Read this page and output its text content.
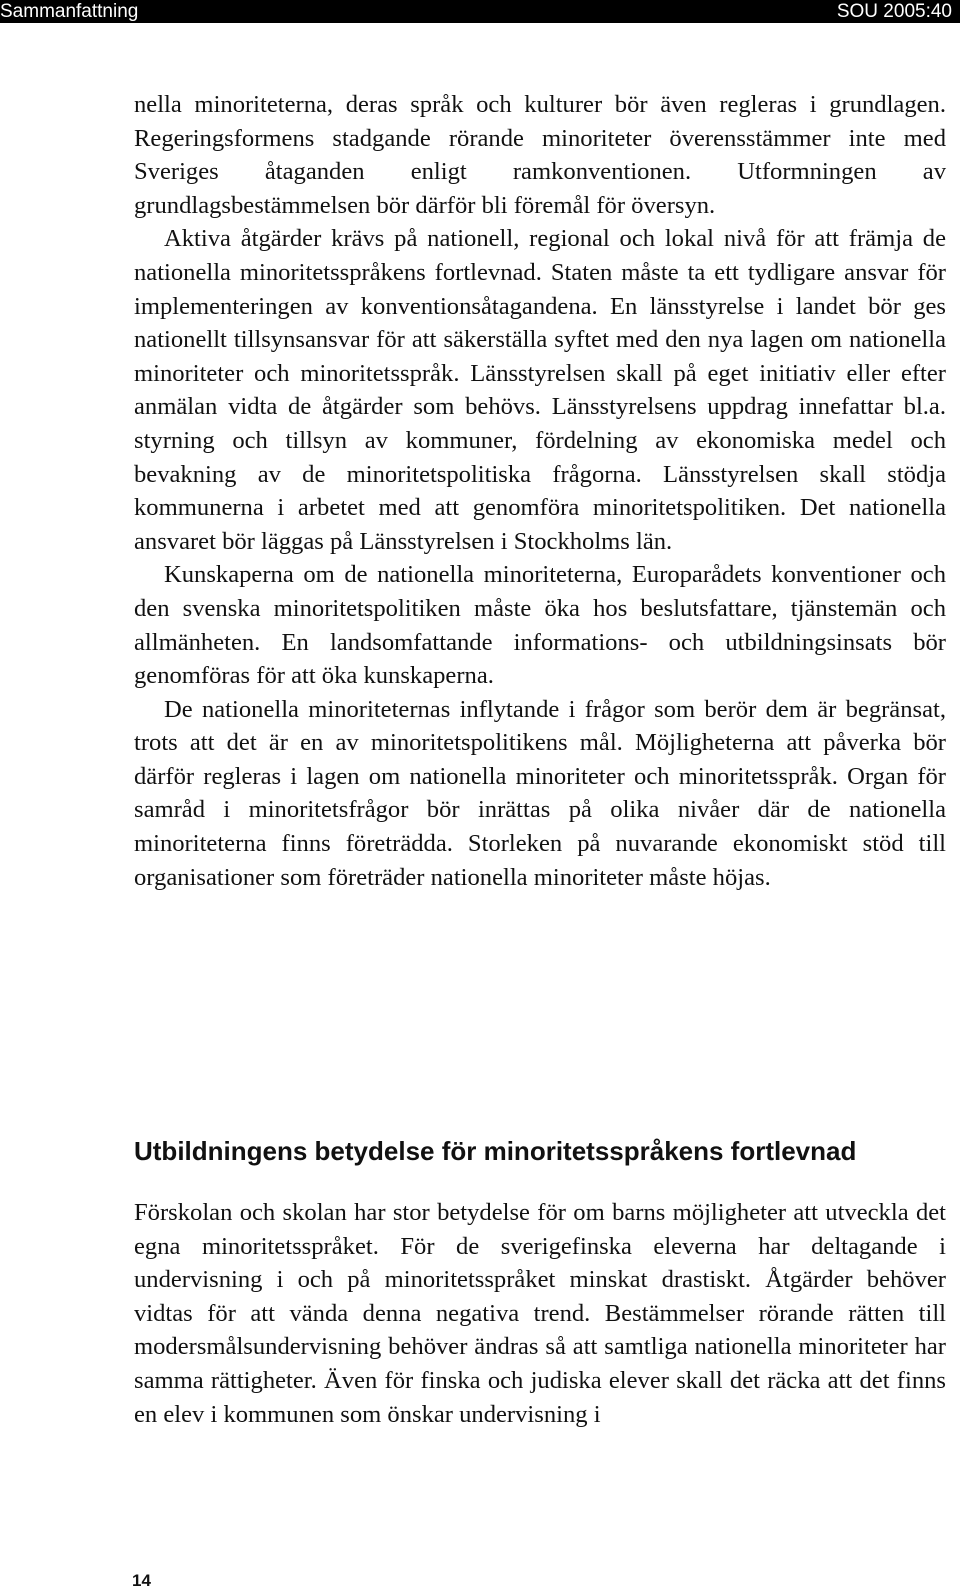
Sammanfattning	SOU 2005:40

nella minoriteterna, deras språk och kulturer bör även regleras i grundlagen. Regeringsformens stadgande rörande minoriteter överensstämmer inte med Sveriges åtaganden enligt ramkonventionen. Utformningen av grundlagsbestämmelsen bör därför bli föremål för översyn.

Aktiva åtgärder krävs på nationell, regional och lokal nivå för att främja de nationella minoritetsspråkens fortlevnad. Staten måste ta ett tydligare ansvar för implementeringen av konventionsåtagandena. En länsstyrelse i landet bör ges nationellt tillsynsansvar för att säkerställa syftet med den nya lagen om nationella minoriteter och minoritetsspråk. Länsstyrelsen skall på eget initiativ eller efter anmälan vidta de åtgärder som behövs. Länsstyrelsens uppdrag innefattar bl.a. styrning och tillsyn av kommuner, fördelning av ekonomiska medel och bevakning av de minoritetspolitiska frågorna. Länsstyrelsen skall stödja kommunerna i arbetet med att genomföra minoritetspolitiken. Det nationella ansvaret bör läggas på Länsstyrelsen i Stockholms län.

Kunskaperna om de nationella minoriteterna, Europarådets konventioner och den svenska minoritetspolitiken måste öka hos beslutsfattare, tjänstemän och allmänheten. En landsomfattande informations- och utbildningsinsats bör genomföras för att öka kunskaperna.

De nationella minoriteternas inflytande i frågor som berör dem är begränsat, trots att det är en av minoritetspolitikens mål. Möjligheterna att påverka bör därför regleras i lagen om nationella minoriteter och minoritetsspråk. Organ för samråd i minoritetsfrågor bör inrättas på olika nivåer där de nationella minoriteterna finns företrädda. Storleken på nuvarande ekonomiskt stöd till organisationer som företräder nationella minoriteter måste höjas.

Utbildningens betydelse för minoritetsspråkens fortlevnad

Förskolan och skolan har stor betydelse för om barns möjligheter att utveckla det egna minoritetsspråket. För de sverigefinska eleverna har deltagande i undervisning i och på minoritetsspråket minskat drastiskt. Åtgärder behöver vidtas för att vända denna negativa trend. Bestämmelser rörande rätten till modersmålsundervisning behöver ändras så att samtliga nationella minoriteter har samma rättigheter. Även för finska och judiska elever skall det räcka att det finns en elev i kommunen som önskar undervisning i

14
